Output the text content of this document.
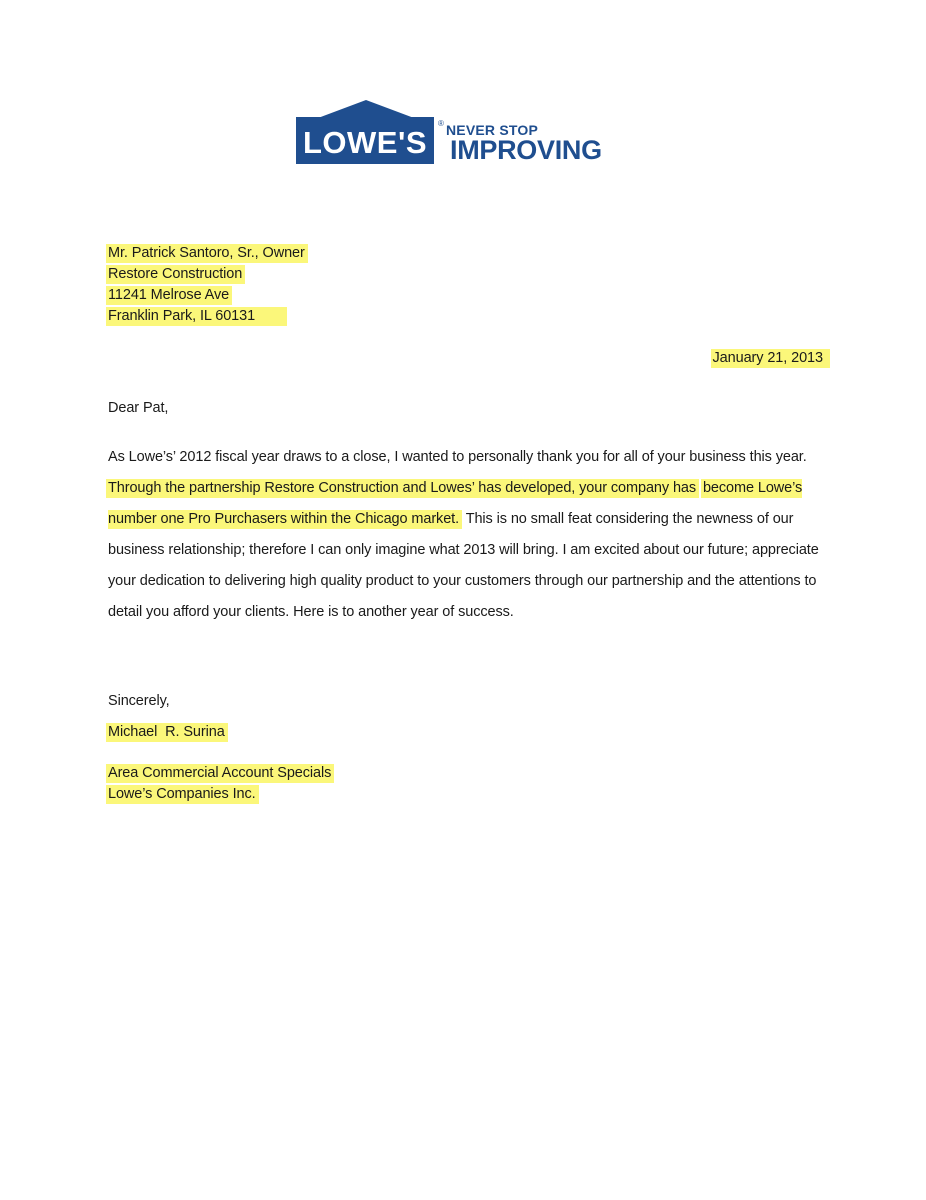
LOWE'S
® NEVER STOP
IMPROVING
Mr. Patrick Santoro, Sr., Owner
Restore Construction
11241 Melrose Ave
Franklin Park, IL 60131
January 21, 2013
Dear Pat,
As Lowe’s’ 2012 fiscal year draws to a close, I wanted to personally thank you for all of your business this year. Through the partnership Restore Construction and Lowes’ has developed, your company has become Lowe’s number one Pro Purchasers within the Chicago market. This is no small feat considering the newness of our business relationship; therefore I can only imagine what 2013 will bring. I am excited about our future; appreciate your dedication to delivering high quality product to your customers through our partnership and the attentions to detail you afford your clients. Here is to another year of success.
Sincerely,
Michael  R. Surina
Area Commercial Account Specials
Lowe’s Companies Inc.
